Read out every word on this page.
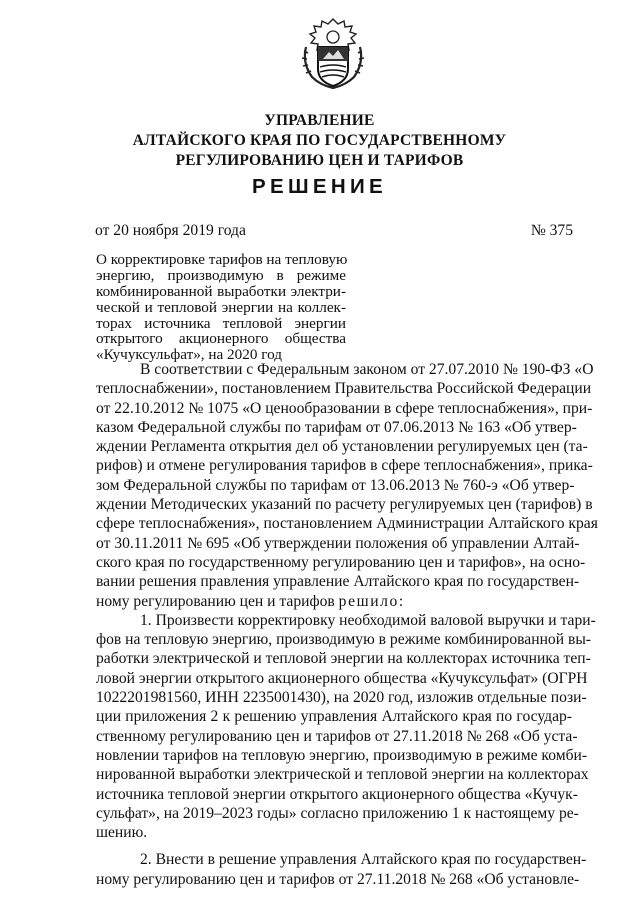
УПРАВЛЕНИЕ
АЛТАЙСКОГО КРАЯ ПО ГОСУДАРСТВЕННОМУ
РЕГУЛИРОВАНИЮ ЦЕН И ТАРИФОВ
РЕШЕНИЕ
от 20 ноября 2019 года	№ 375
О корректировке тарифов на тепловую
энергию, производимую в режиме
комбинированной выработки электри-
ческой и тепловой энергии на коллек-
торах источника тепловой энергии
открытого акционерного общества
«Кучуксульфат», на 2020 год
В соответствии с Федеральным законом от 27.07.2010 № 190-ФЗ «О
теплоснабжении», постановлением Правительства Российской Федерации
от 22.10.2012 № 1075 «О ценообразовании в сфере теплоснабжения», при-
казом Федеральной службы по тарифам от 07.06.2013 № 163 «Об утвер-
ждении Регламента открытия дел об установлении регулируемых цен (та-
рифов) и отмене регулирования тарифов в сфере теплоснабжения», прика-
зом Федеральной службы по тарифам от 13.06.2013 № 760-э «Об утвер-
ждении Методических указаний по расчету регулируемых цен (тарифов) в
сфере теплоснабжения», постановлением Администрации Алтайского края
от 30.11.2011 № 695 «Об утверждении положения об управлении Алтай-
ского края по государственному регулированию цен и тарифов», на осно-
вании решения правления управление Алтайского края по государствен-
ному регулированию цен и тарифов решило:
1. Произвести корректировку необходимой валовой выручки и тари-
фов на тепловую энергию, производимую в режиме комбинированной вы-
работки электрической и тепловой энергии на коллекторах источника теп-
ловой энергии открытого акционерного общества «Кучуксульфат» (ОГРН
1022201981560, ИНН 2235001430), на 2020 год, изложив отдельные пози-
ции приложения 2 к решению управления Алтайского края по государ-
ственному регулированию цен и тарифов от 27.11.2018 № 268 «Об уста-
новлении тарифов на тепловую энергию, производимую в режиме комби-
нированной выработки электрической и тепловой энергии на коллекторах
источника тепловой энергии открытого акционерного общества «Кучук-
сульфат», на 2019–2023 годы» согласно приложению 1 к настоящему ре-
шению.
2. Внести в решение управления Алтайского края по государствен-
ному регулированию цен и тарифов от 27.11.2018 № 268 «Об установле-
